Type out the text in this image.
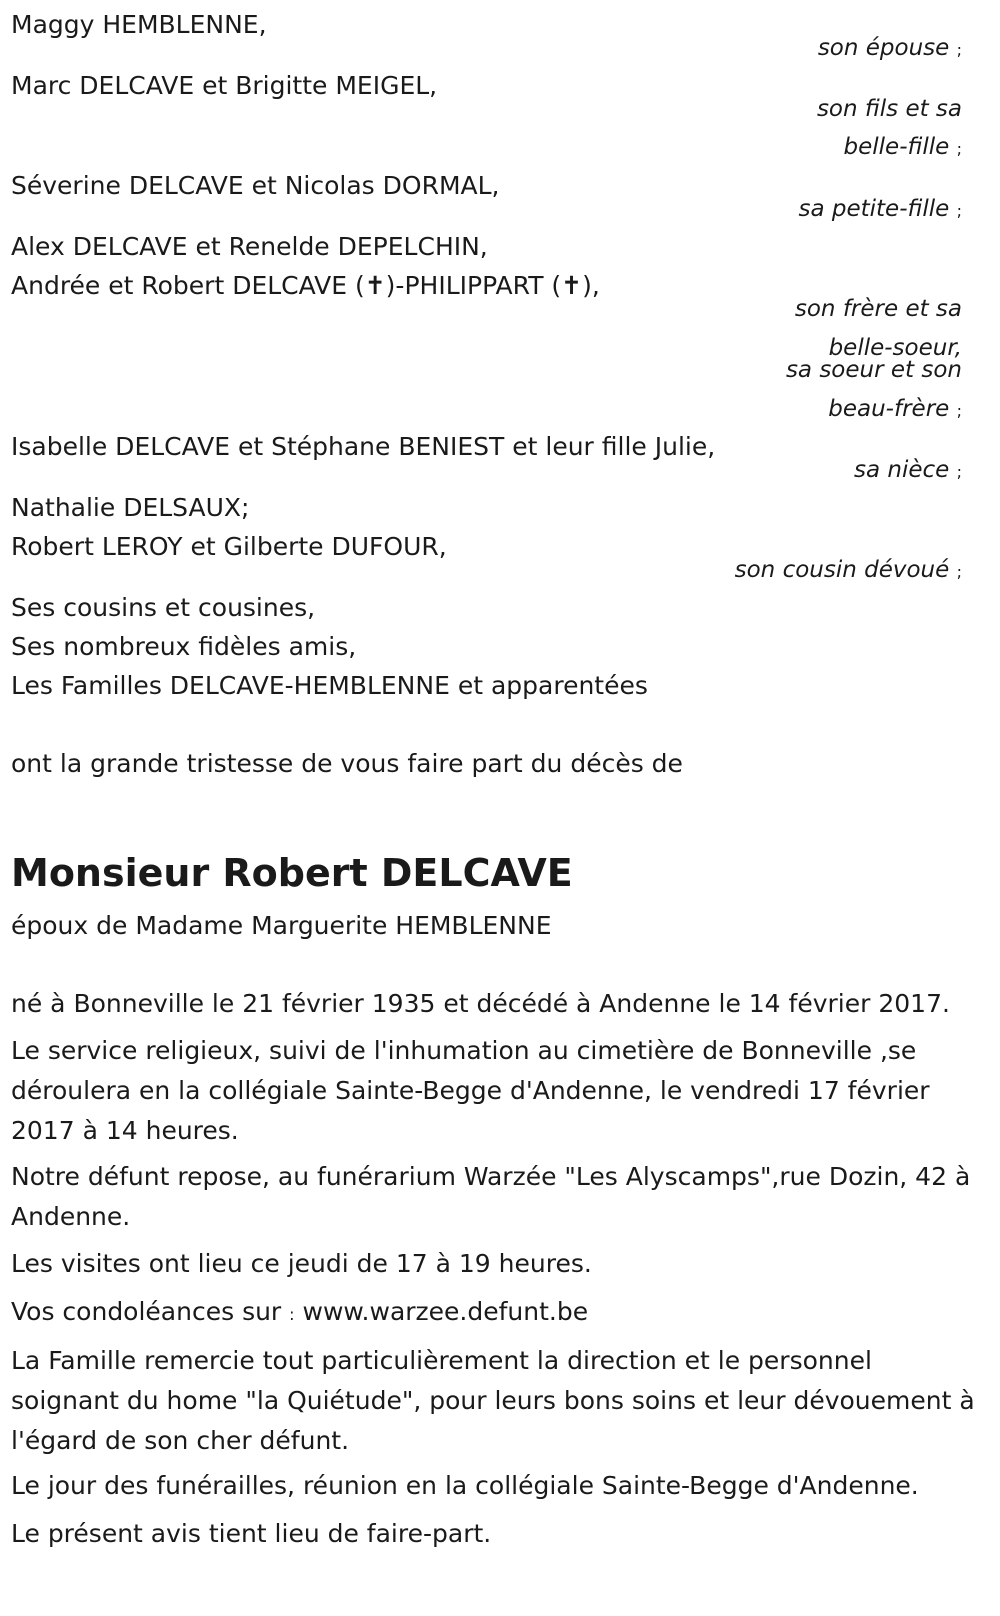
Maggy HEMBLENNE,
son épouse ;
Marc DELCAVE et Brigitte MEIGEL,
son fils et sa
belle-fille ;
Séverine DELCAVE et Nicolas DORMAL,
sa petite-fille ;
Alex DELCAVE et Renelde DEPELCHIN,
Andrée et Robert DELCAVE (✝)-PHILIPPART (✝),
son frère et sa
belle-soeur,
sa soeur et son
beau-frère ;
Isabelle DELCAVE et Stéphane BENIEST et leur fille Julie,
sa nièce ;
Nathalie DELSAUX;
Robert LEROY et Gilberte DUFOUR,
son cousin dévoué ;
Ses cousins et cousines,
Ses nombreux fidèles amis,
Les Familles DELCAVE-HEMBLENNE et apparentées
ont la grande tristesse de vous faire part du décès de
Monsieur Robert DELCAVE
époux de Madame Marguerite HEMBLENNE
né à Bonneville le 21 février 1935 et décédé à Andenne le 14 février 2017.
Le service religieux, suivi de l'inhumation au cimetière de Bonneville ,se déroulera en la collégiale Sainte-Begge d'Andenne, le vendredi 17 février 2017 à 14 heures.
Notre défunt repose, au funérarium Warzée "Les Alyscamps",rue Dozin, 42 à Andenne.
Les visites ont lieu ce jeudi de 17 à 19 heures.
Vos condoléances sur : www.warzee.defunt.be
La Famille remercie tout particulièrement la direction et le personnel soignant du home "la Quiétude", pour leurs bons soins et leur dévouement à l'égard de son cher défunt.
Le jour des funérailles, réunion en la collégiale Sainte-Begge d'Andenne.
Le présent avis tient lieu de faire-part.
